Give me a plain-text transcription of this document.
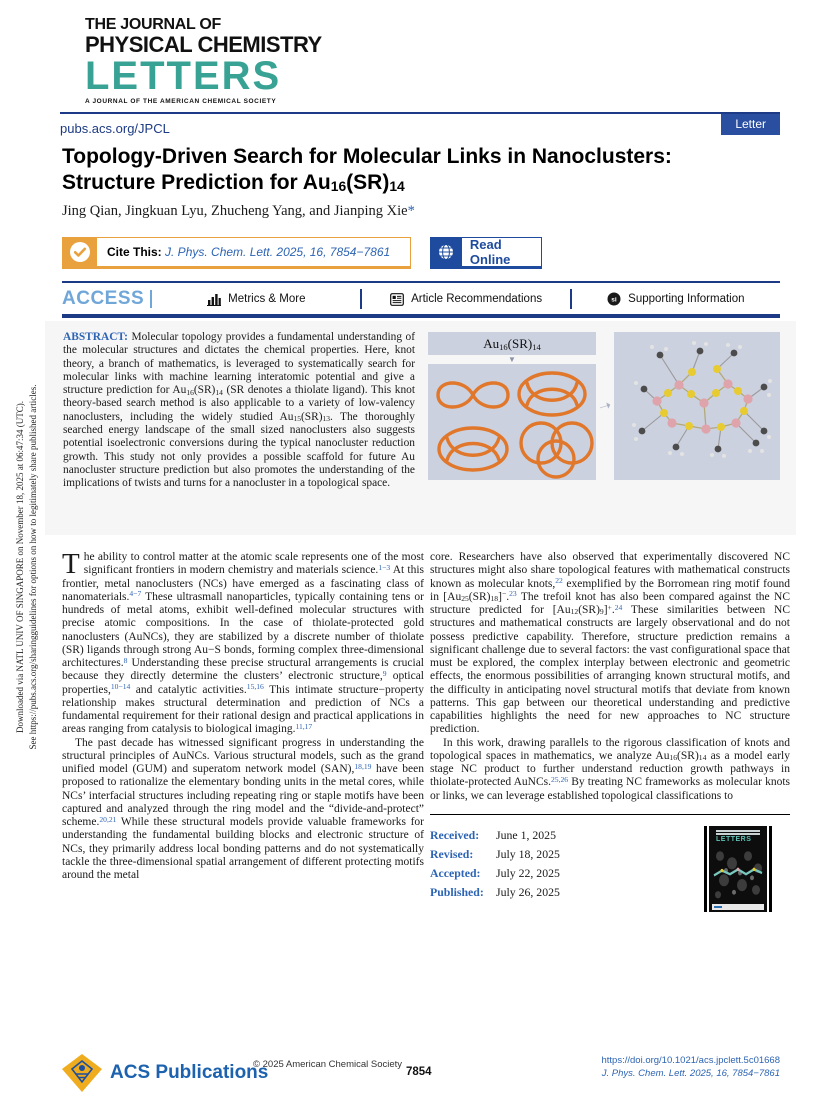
Downloaded via NATL UNIV OF SINGAPORE on November 18, 2025 at 06:47:34 (UTC). See https://pubs.acs.org/sharingguidelines for options on how to legitimately share published articles.
THE JOURNAL OF
PHYSICAL CHEMISTRY
LETTERS
A JOURNAL OF THE AMERICAN CHEMICAL SOCIETY
pubs.acs.org/JPCL	Letter
Topology-Driven Search for Molecular Links in Nanoclusters:
Structure Prediction for $Au_{16}(SR)_{14}$
Jing Qian, Jingkuan Lyu, Zhucheng Yang, and Jianping Xie*
Cite This: J. Phys. Chem. Lett. 2025, 16, 7854−7861	Read Online
ACCESS	Metrics & More	Article Recommendations	si Supporting Information
$Au_{16}(SR)_{14}$
▼
➝

ABSTRACT: Molecular topology provides a fundamental understanding of the molecular structures and dictates the chemical properties. Here, knot theory, a branch of mathematics, is leveraged to systematically search for molecular links with machine learning interatomic potential and give a structure prediction for $Au_{16}(SR)_{14}$ (SR denotes a thiolate ligand). This knot theory-based search method is also applicable to a variety of low-valency nanoclusters, including the widely studied $Au_{15}(SR)_{13}$. The thoroughly searched energy landscape of the small sized nanoclusters also suggests potential isoelectronic conversions during the typical nanocluster reduction growth. This study not only provides a possible scaffold for future Au nanocluster structure prediction but also promotes the understanding of the implications of twists and turns for a nanocluster in a topological space.

The ability to control matter at the atomic scale represents one of the most significant frontiers in modern chemistry and materials science.$^{1-3}$ At this frontier, metal nanoclusters (NCs) have emerged as a fascinating class of nanomaterials.$^{4-7}$ These ultrasmall nanoparticles, typically containing tens or hundreds of metal atoms, exhibit well-defined molecular structures with precise atomic compositions. In the case of thiolate-protected gold nanoclusters (AuNCs), they are stabilized by a discrete number of thiolate (SR) ligands through strong Au−S bonds, forming complex three-dimensional architectures.$^8$ Understanding these precise structural arrangements is crucial because they directly determine the clusters’ electronic structure,$^9$ optical properties,$^{10-14}$ and catalytic activities.$^{15,16}$ This intimate structure−property relationship makes structural determination and prediction of NCs a fundamental requirement for their rational design and practical applications in areas ranging from catalysis to biological imaging.$^{11,17}$

The past decade has witnessed significant progress in understanding the structural principles of AuNCs. Various structural models, such as the grand unified model (GUM) and superatom network model (SAN),$^{18,19}$ have been proposed to rationalize the elementary bonding units in the metal cores, while NCs’ interfacial structures including repeating ring or staple motifs have been captured and analyzed through the ring model and the “divide-and-protect” scheme.$^{20,21}$ While these structural models provide valuable frameworks for understanding the fundamental building blocks and electronic structure of NCs, they primarily address local bonding patterns and do not systematically tackle the three-dimensional spatial arrangement of different protecting motifs around the metal

core. Researchers have also observed that experimentally discovered NC structures might also share topological features with mathematical constructs known as molecular knots,$^{22}$ exemplified by the Borromean ring motif found in $[Au_{25}(SR)_{18}]^-.^{23}$ The trefoil knot has also been compared against the NC structure predicted for $[Au_{12}(SR)_9]^+.^{24}$ These similarities between NC structures and mathematical constructs are largely observational and do not possess predictive capability. Therefore, structure prediction remains a significant challenge due to several factors: the vast configurational space that must be explored, the complex interplay between electronic and geometric effects, the enormous possibilities of arranging known structural motifs, and the difficulty in anticipating novel structural motifs that deviate from known patterns. This gap between our theoretical understanding and predictive capabilities highlights the need for new approaches to NC structure prediction.

In this work, drawing parallels to the rigorous classification of knots and topological spaces in mathematics, we analyze $Au_{16}(SR)_{14}$ as a model early stage NC product to further understand reduction growth pathways in thiolate-protected AuNCs.$^{25,26}$ By treating NC frameworks as molecular knots or links, we can leverage established topological classifications to

Received: June 1, 2025
Revised: July 18, 2025
Accepted: July 22, 2025
Published: July 26, 2025
LETTERS
ACS Publications
© 2025 American Chemical Society
7854
https://doi.org/10.1021/acs.jpclett.5c01668
J. Phys. Chem. Lett. 2025, 16, 7854−7861
